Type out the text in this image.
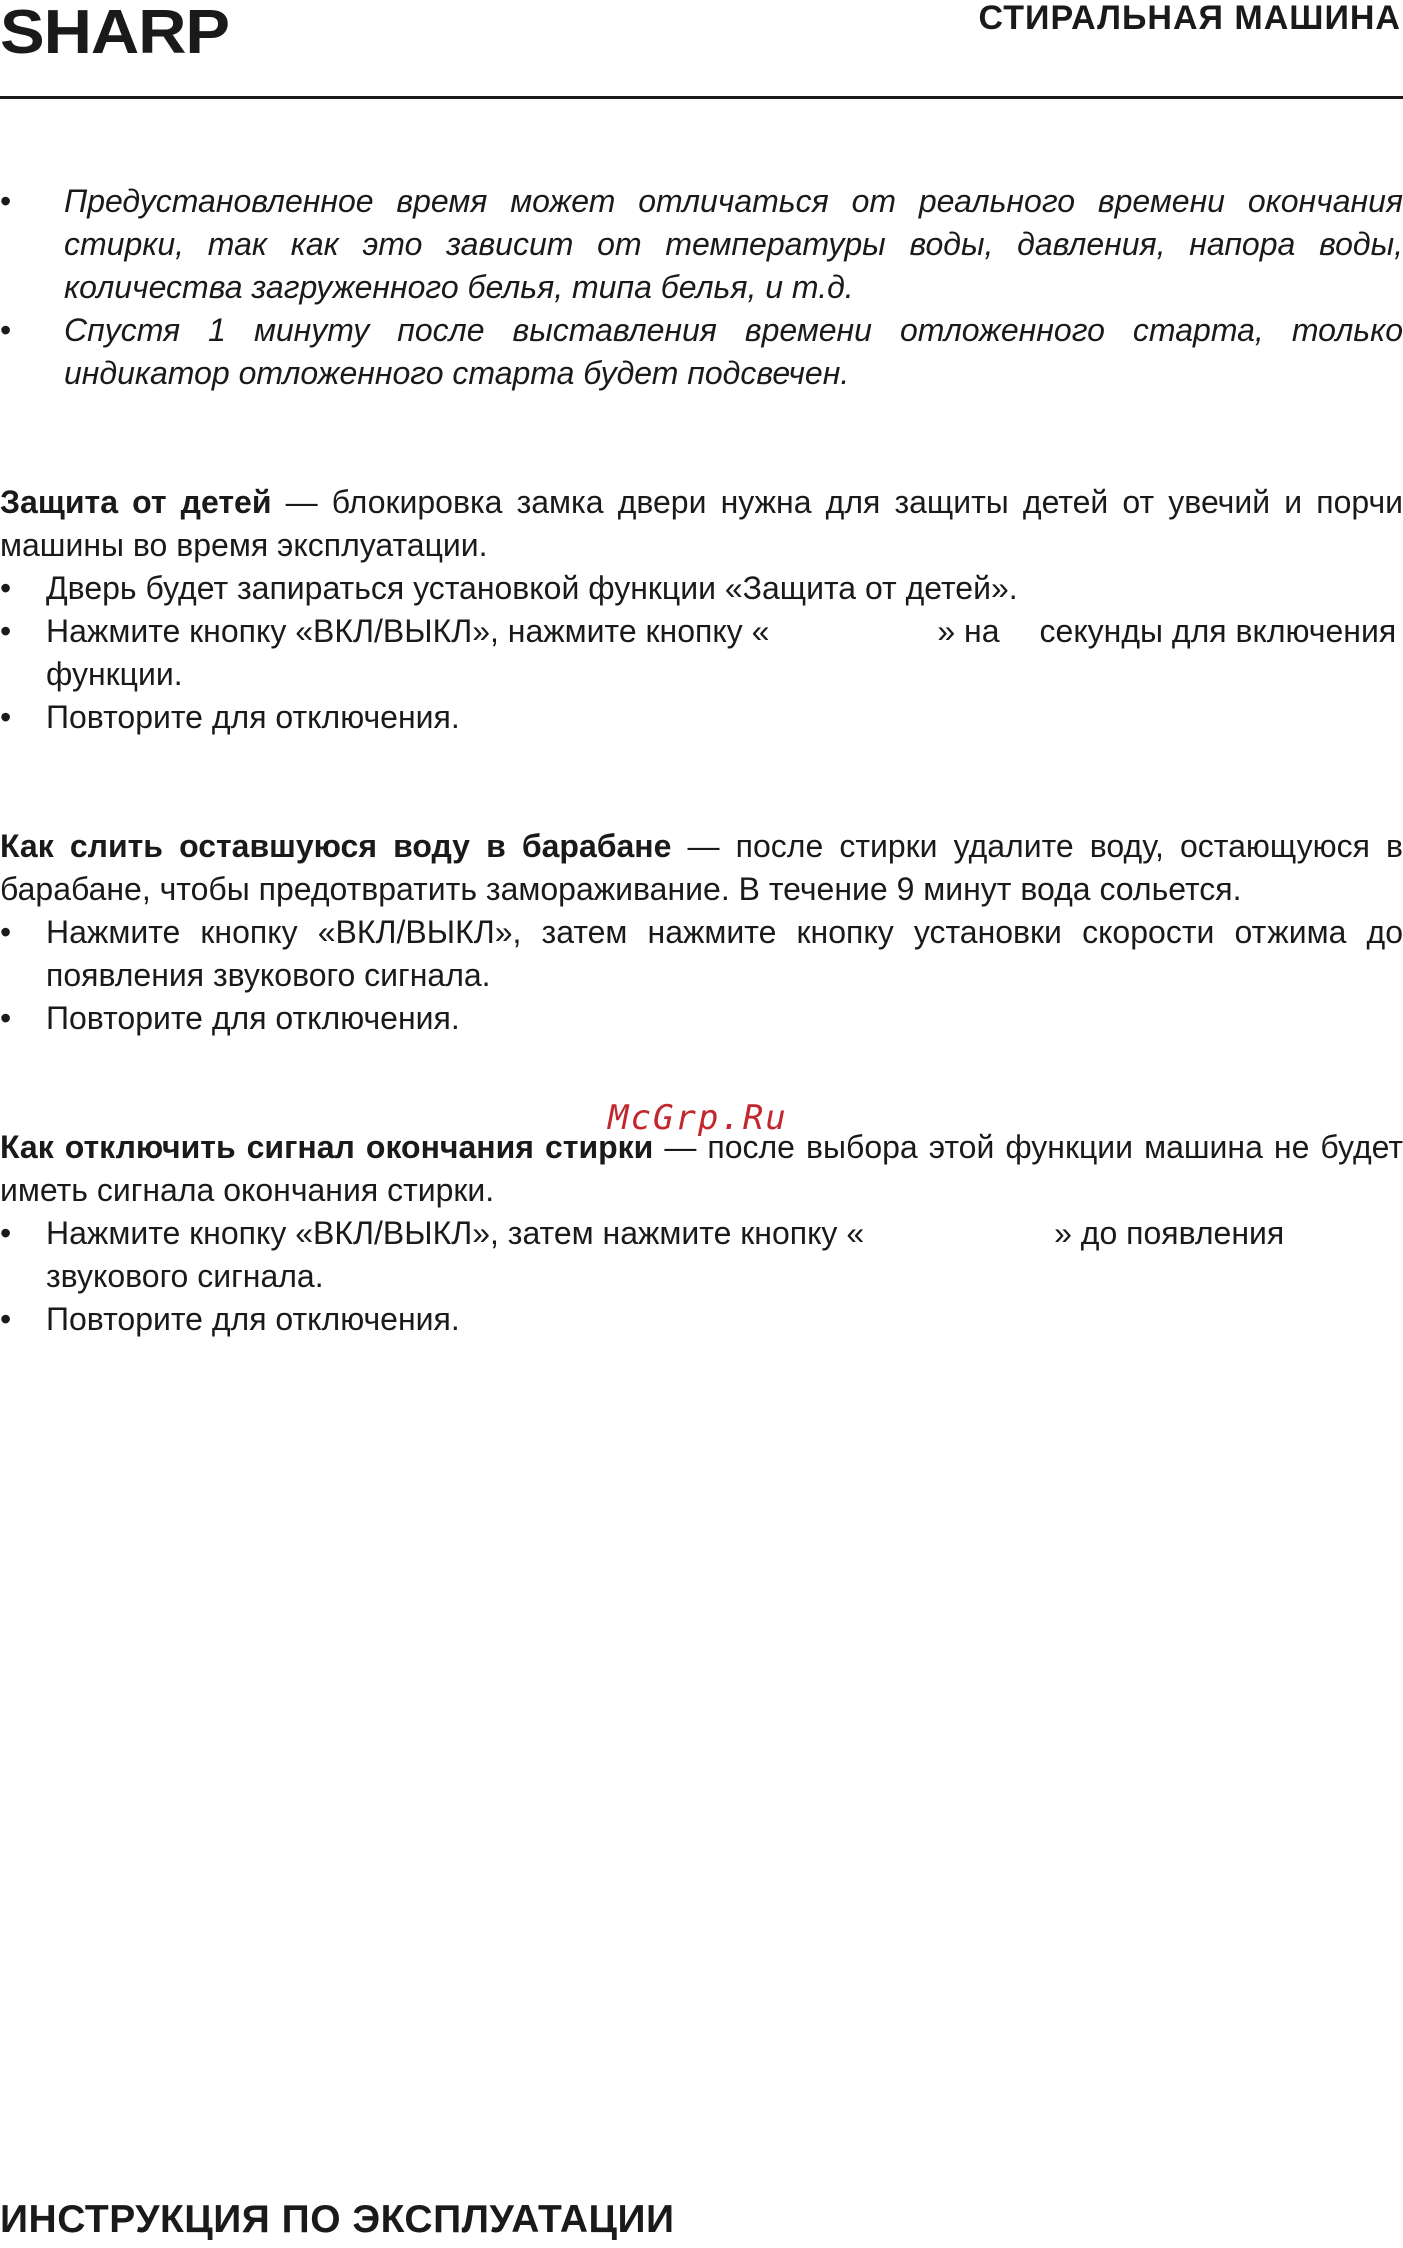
SHARP	СТИРАЛЬНАЯ МАШИНА
• Предустановленное время может отличаться от реального времени окончания стирки, так как это зависит от температуры воды, давления, напора воды, количества загруженного белья, типа белья, и т.д.
• Спустя 1 минуту после выставления времени отложенного старта, только индикатор отложенного старта будет подсвечен.

Защита от детей — блокировка замка двери нужна для защиты детей от увечий и порчи машины во время эксплуатации.

• Дверь будет запираться установкой функции «Защита от детей».
• Нажмите кнопку «ВКЛ/ВЫКЛ», нажмите кнопку «	» на секунды для включения функции.
• Повторите для отключения.

Как слить оставшуюся воду в барабане — после стирки удалите воду, остающуюся в барабане, чтобы предотвратить замораживание. В течение 9 минут вода сольется.

• Нажмите кнопку «ВКЛ/ВЫКЛ», затем нажмите кнопку установки скорости отжима до появления звукового сигнала.
• Повторите для отключения.

Как отключить сигнал окончания стирки — после выбора этой функции машина не будет иметь сигнала окончания стирки.

• Нажмите кнопку «ВКЛ/ВЫКЛ», затем нажмите кнопку «	» до появления звукового сигнала.
• Повторите для отключения.
McGrp.Ru
ИНСТРУКЦИЯ ПО ЭКСПЛУАТАЦИИ
